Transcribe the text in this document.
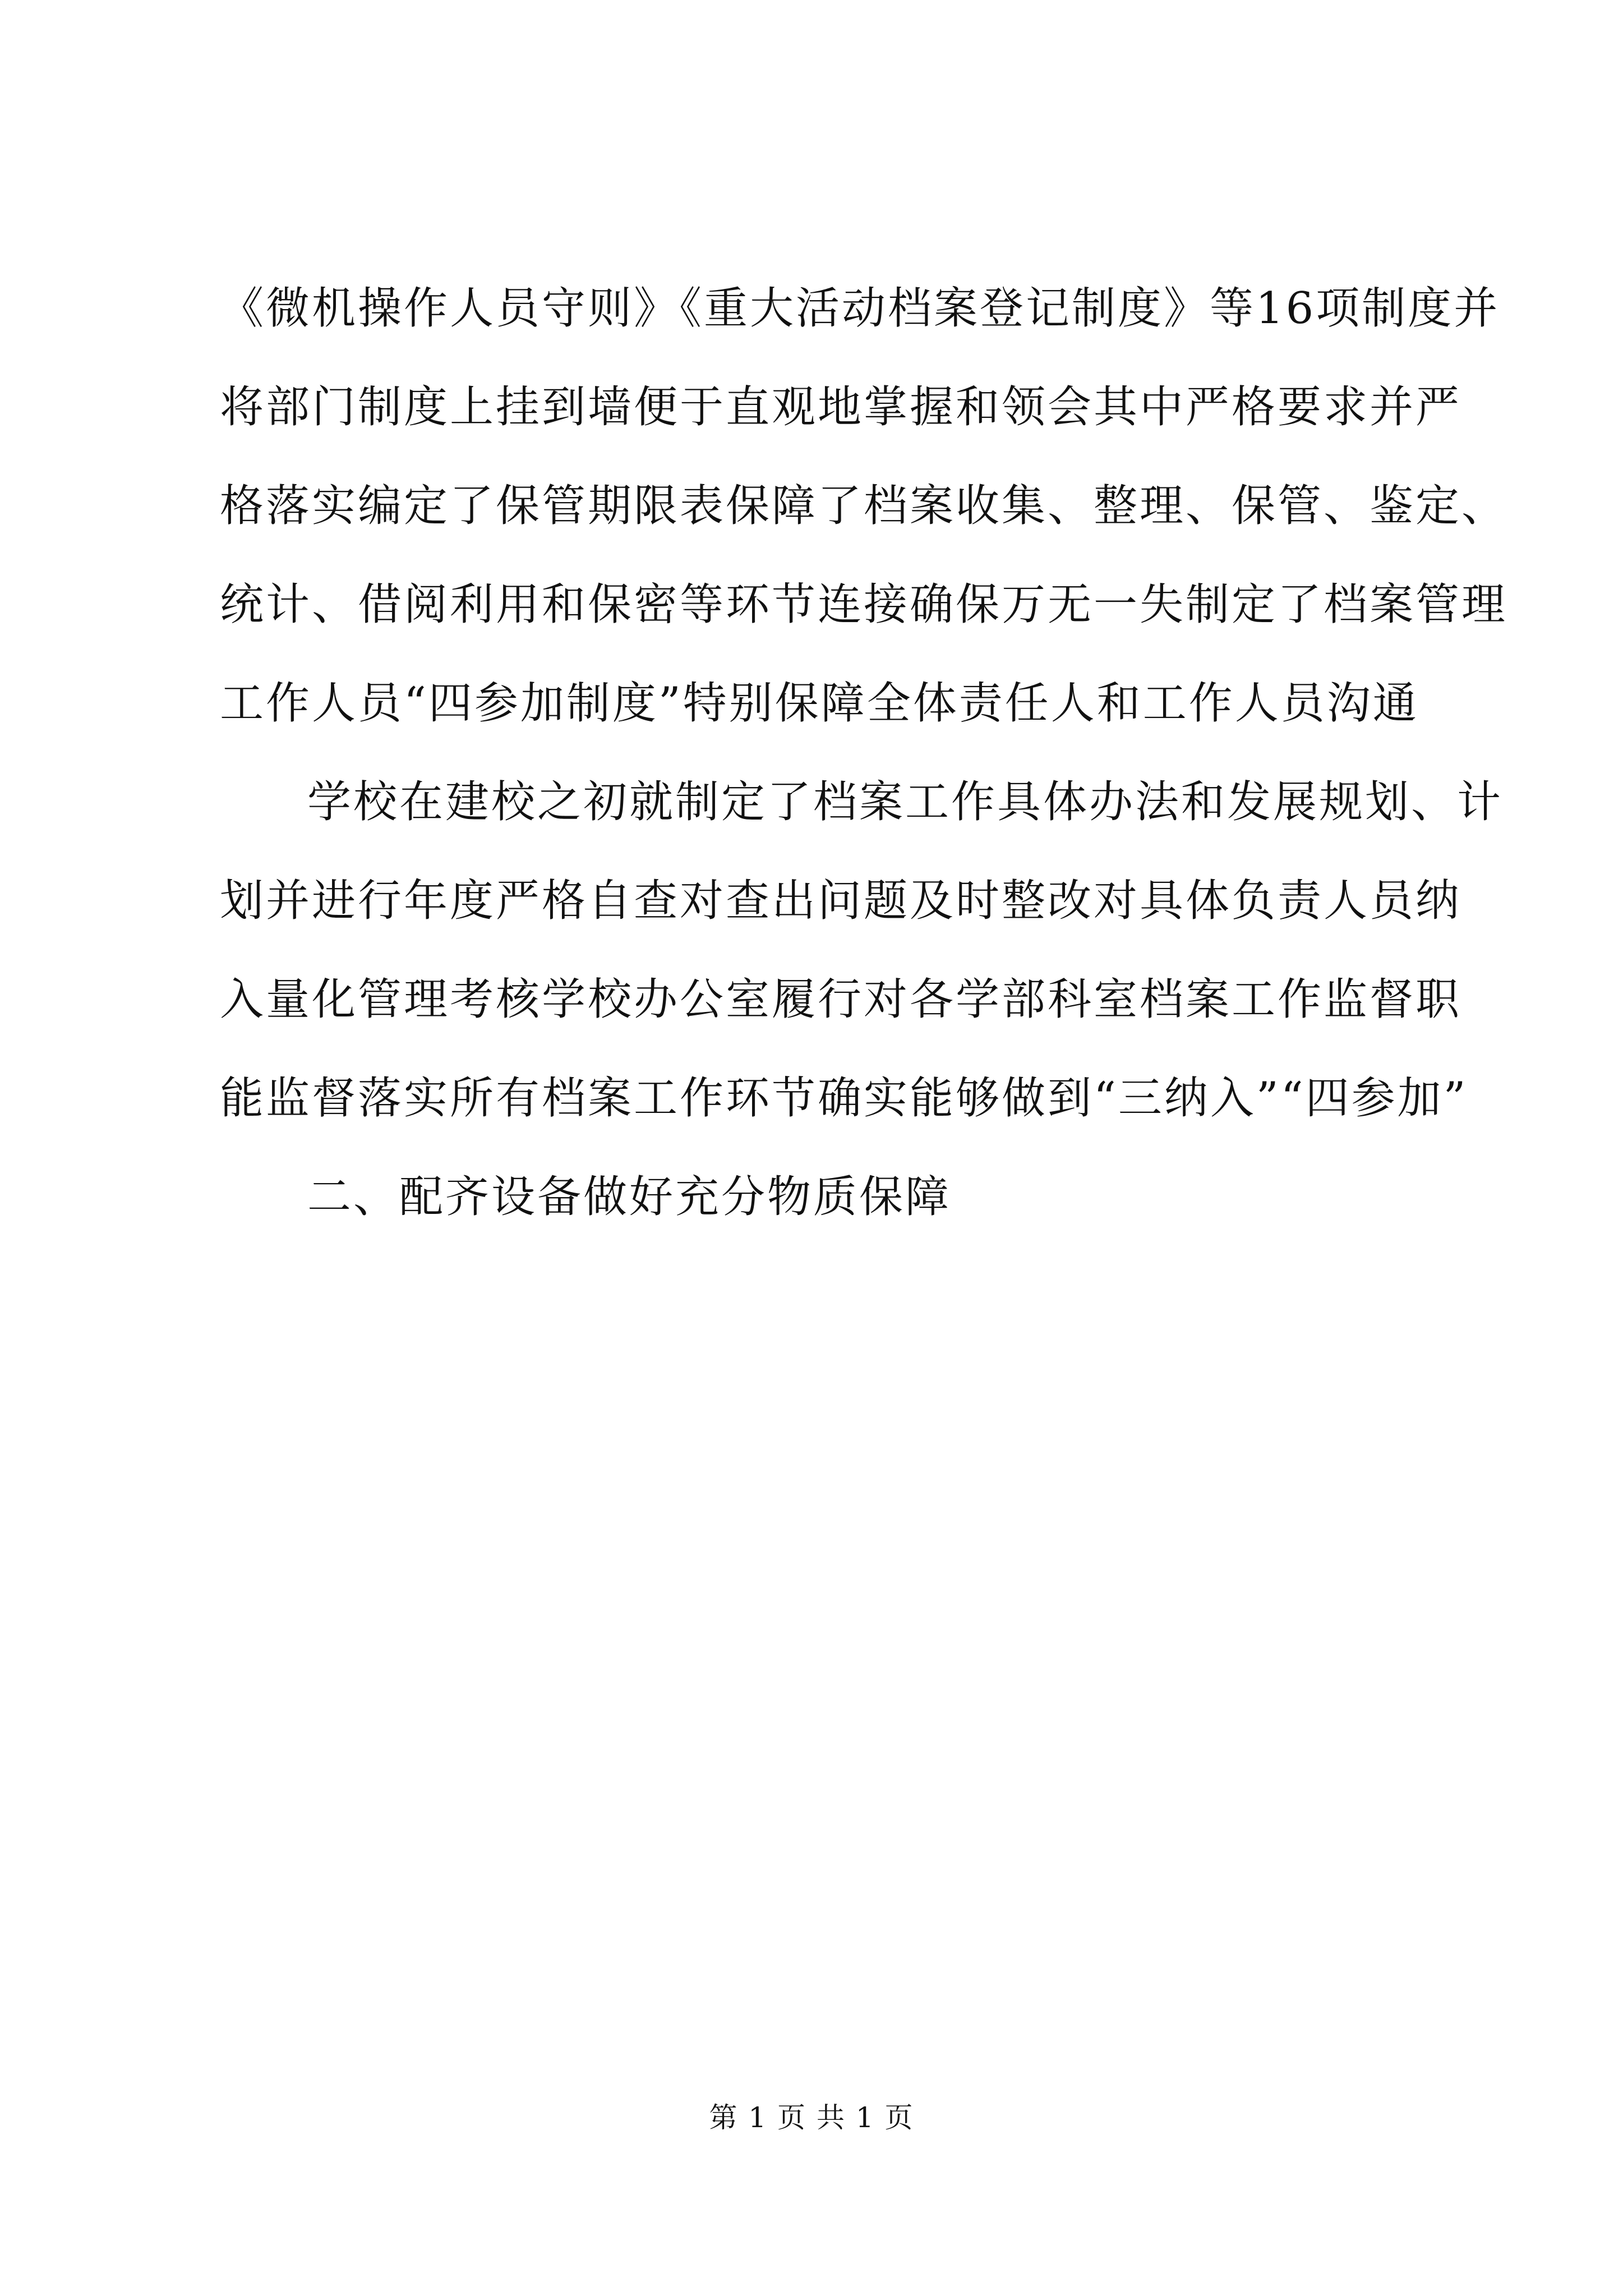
《微机操作人员守则》《重大活动档案登记制度》等16项制度并
将部门制度上挂到墙便于直观地掌握和领会其中严格要求并严
格落实编定了保管期限表保障了档案收集、整理、保管、鉴定、
统计、借阅利用和保密等环节连接确保万无一失制定了档案管理
工作人员“四参加制度”特别保障全体责任人和工作人员沟通
学校在建校之初就制定了档案工作具体办法和发展规划、计
划并进行年度严格自查对查出问题及时整改对具体负责人员纳
入量化管理考核学校办公室履行对各学部科室档案工作监督职
能监督落实所有档案工作环节确实能够做到“三纳入”“四参加”
二、配齐设备做好充分物质保障
第 1 页 共 1 页
